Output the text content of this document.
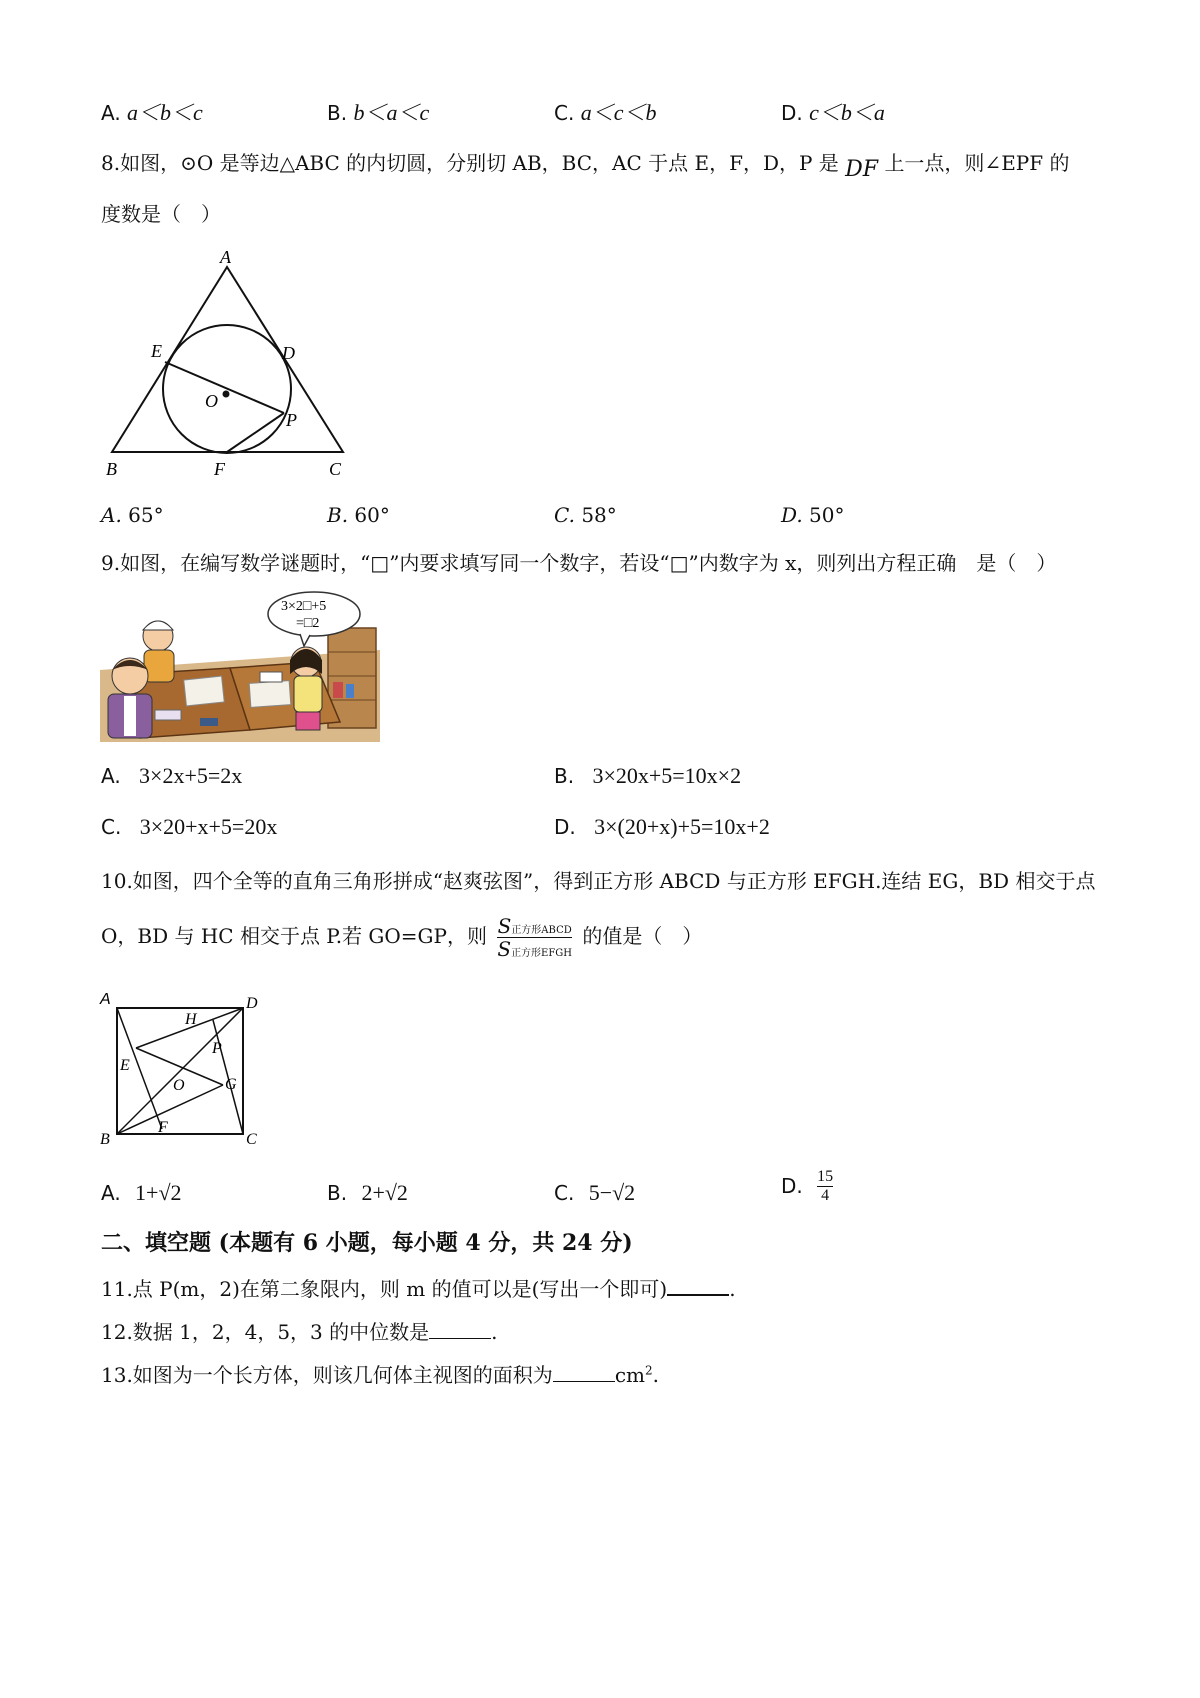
A. a＜b＜c	B. b＜a＜c	C. a＜c＜b	D. c＜b＜a
8.如图，⊙O 是等边△ABC 的内切圆，分别切 AB，BC，AC 于点 E，F，D，P 是 DF 上一点，则∠EPF 的
度数是（　）
A
E	D
O
P
B	F	C
A. 65°	B. 60°	C. 58°	D. 50°
9.如图，在编写数学谜题时，“□”内要求填写同一个数字，若设“□”内数字为 x，则列出方程正确　是（　）
3×2□+5
=□2
A. 3×2x+5=2x	B. 3×20x+5=10x×2
C. 3×20+x+5=20x	D. 3×(20+x)+5=10x+2
10.如图，四个全等的直角三角形拼成“赵爽弦图”，得到正方形 ABCD 与正方形 EFGH.连结 EG，BD 相交于点
O，BD 与 HC 相交于点 P.若 GO=GP，则 $\frac{\text{S正方形ABCD}}{\text{S正方形EFGH}}$ 的值是（　）
A	D
H
P
E
O	G
F
B	C
A. 1+√2	B. 2+√2	C. 5−√2	D. $\frac{15}{4}$
二、填空题 (本题有 6 小题，每小题 4 分，共 24 分)
11.点 P(m，2)在第二象限内，则 m 的值可以是(写出一个即可)	.
12.数据 1，2，4，5，3 的中位数是	.
13.如图为一个长方体，则该几何体主视图的面积为	$cm^2$.
